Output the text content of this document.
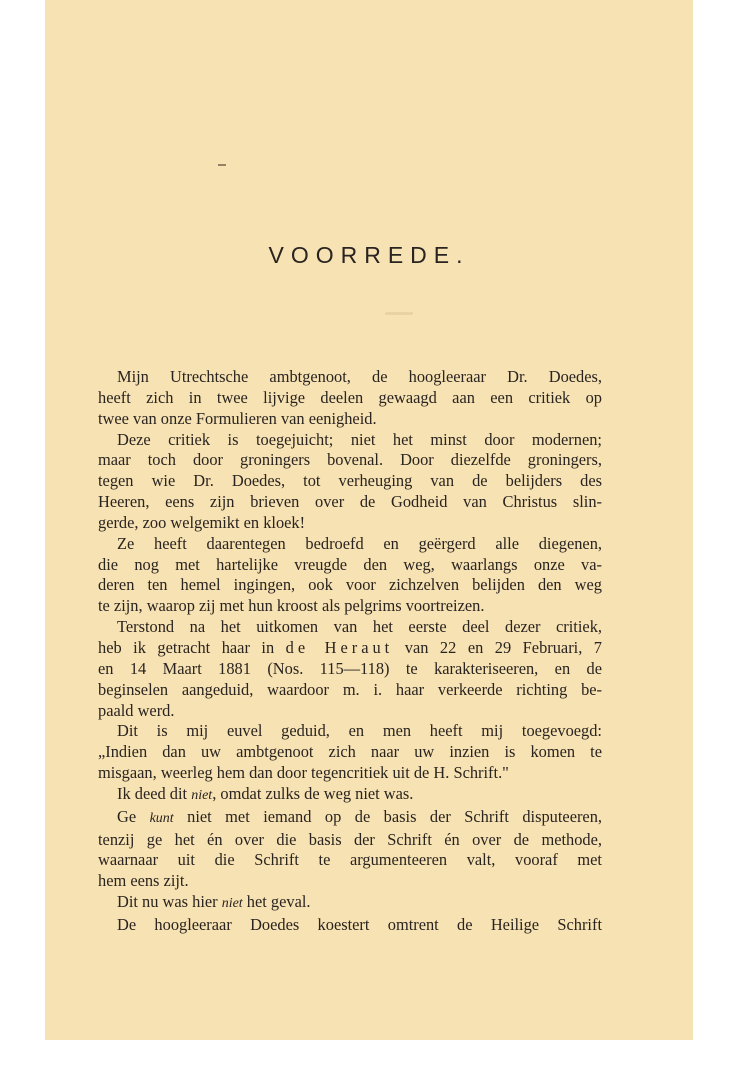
VOORREDE.
Mijn Utrechtsche ambtgenoot, de hoogleeraar Dr. Doedes,
heeft zich in twee lijvige deelen gewaagd aan een critiek op
twee van onze Formulieren van eenigheid.
Deze critiek is toegejuicht; niet het minst door modernen;
maar toch door groningers bovenal. Door diezelfde groningers,
tegen wie Dr. Doedes, tot verheuging van de belijders des
Heeren, eens zijn brieven over de Godheid van Christus slin-
gerde, zoo welgemikt en kloek!
Ze heeft daarentegen bedroefd en geërgerd alle diegenen,
die nog met hartelijke vreugde den weg, waarlangs onze va-
deren ten hemel ingingen, ook voor zichzelven belijden den weg
te zijn, waarop zij met hun kroost als pelgrims voortreizen.
Terstond na het uitkomen van het eerste deel dezer critiek,
heb ik getracht haar in de Heraut van 22 en 29 Februari, 7
en 14 Maart 1881 (Nos. 115—118) te karakteriseeren, en de
beginselen aangeduid, waardoor m. i. haar verkeerde richting be-
paald werd.
Dit is mij euvel geduid, en men heeft mij toegevoegd:
„Indien dan uw ambtgenoot zich naar uw inzien is komen te
misgaan, weerleg hem dan door tegencritiek uit de H. Schrift."
Ik deed dit niet, omdat zulks de weg niet was.
Ge kunt niet met iemand op de basis der Schrift disputeeren,
tenzij ge het én over die basis der Schrift én over de methode,
waarnaar uit die Schrift te argumenteeren valt, vooraf met
hem eens zijt.
Dit nu was hier niet het geval.
De hoogleeraar Doedes koestert omtrent de Heilige Schrift
